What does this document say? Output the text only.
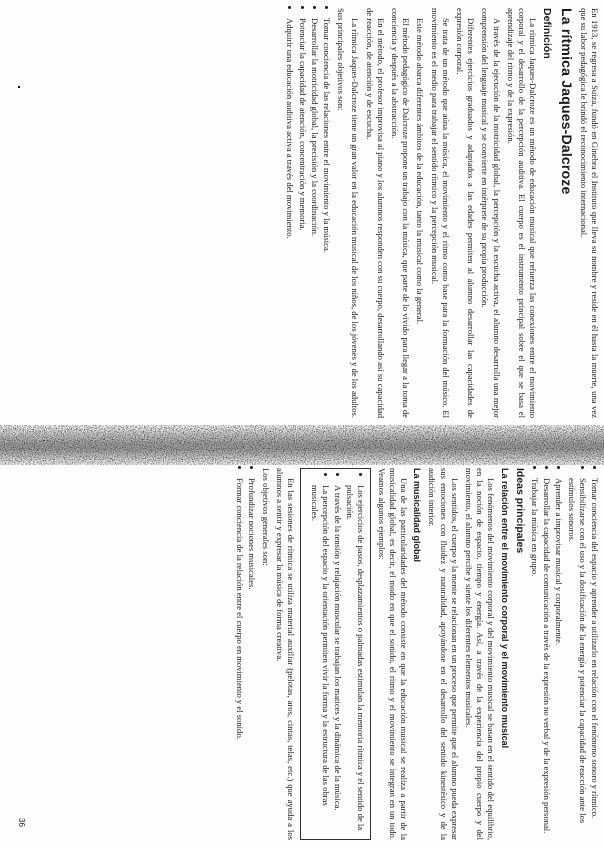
En 1913, se regresa a Suiza, fundó en Ginebra el Instituto que lleva su nombre y reside en él hasta la muerte, una vez que su labor pedagógica le brindó el reconocimiento internacional.

La rítmica Jaques-Dalcroze
Definición

La rítmica Jaques-Dalcroze es un método de educación musical que refuerza las conexiones entre el movimiento corporal y el desarrollo de la percepción auditiva. El cuerpo es el instrumento principal sobre el que se basa el aprendizaje del ritmo y de la expresión.

A través de la ejecución de la motricidad global, la percepción y la escucha activa, el alumno desarrolla una mejor comprensión del lenguaje musical y se convierte en intérprete de su propia producción.

Diferentes ejercicios graduados y adaptados a las edades permiten al alumno desarrollar las capacidades de expresión corporal.

Se trata de un método que aúna la música, el movimiento y el ritmo como base para la formación del músico. El movimiento es el medio para trabajar el sentido rítmico y la percepción musical.

Este método abarca diferentes ámbitos de la educación, tanto la musical como la general.

El método pedagógico de Dalcroze propone un trabajo con la música, que parte de lo vivido para llegar a la toma de conciencia y después a la abstracción.

En el método, el profesor improvisa al piano y los alumnos responden con su cuerpo, desarrollando así su capacidad de reacción, de atención y de escucha.

La rítmica Jaques-Dalcroze tiene un gran valor en la educación musical de los niños, de los jóvenes y de los adultos.

Sus principales objetivos son:

• Tomar conciencia de las relaciones entre el movimiento y la música.
• Desarrollar la motricidad global, la precisión y la coordinación.
• Potenciar la capacidad de atención, concentración y memoria.
• Adquirir una educación auditiva activa a través del movimiento.
• Tomar conciencia del espacio y aprender a utilizarlo en relación con el fenómeno sonoro y rítmico.
• Sensibilizarse con el uso y la dosificación de la energía y potenciar la capacidad de reacción ante los estímulos sonoros.
• Aprender a improvisar musical y corporalmente.
• Desarrollar la capacidad de comunicación a través de la expresión no verbal y de la expresión personal.
• Trabajar la música en grupo.
Ideas principales
La relación entre el movimiento corporal y el movimiento musical

Los fenómenos del movimiento corporal y del movimiento musical se basan en el sentido del equilibrio, en la noción de espacio, tiempo y energía. Así, a través de la experiencia del propio cuerpo y del movimiento, el alumno percibe y siente los diferentes elementos musicales.

Los sentidos, el cuerpo y la mente se relacionan en un proceso que permite que el alumno pueda expresar sus emociones con fluidez y naturalidad, apoyándose en el desarrollo del sentido kinestésico y de la audición interior.

La musicalidad global

Una de las particularidades del método consiste en que la educación musical se realiza a partir de la musicalidad global, es decir, el modo en que el sonido, el ritmo y el movimiento se integran en un todo. Veamos algunos ejemplos:

• Los ejercicios de pasos, desplazamientos o palmadas estimulan la memoria rítmica y el sentido de la pulsación.
• A través de la tensión y relajación muscular se trabajan los matices y la dinámica de la música.
• La percepción del espacio y la orientación permiten vivir la forma y la estructura de las obras musicales.

En las sesiones de rítmica se utiliza material auxiliar (pelotas, aros, cintas, telas, etc.) que ayuda a los alumnos a sentir y expresar la música de forma creativa.

Los objetivos generales son:

• Profundizar nociones musicales.
• Formar conciencia de la relación entre el cuerpo en movimiento y el sonido.
36
